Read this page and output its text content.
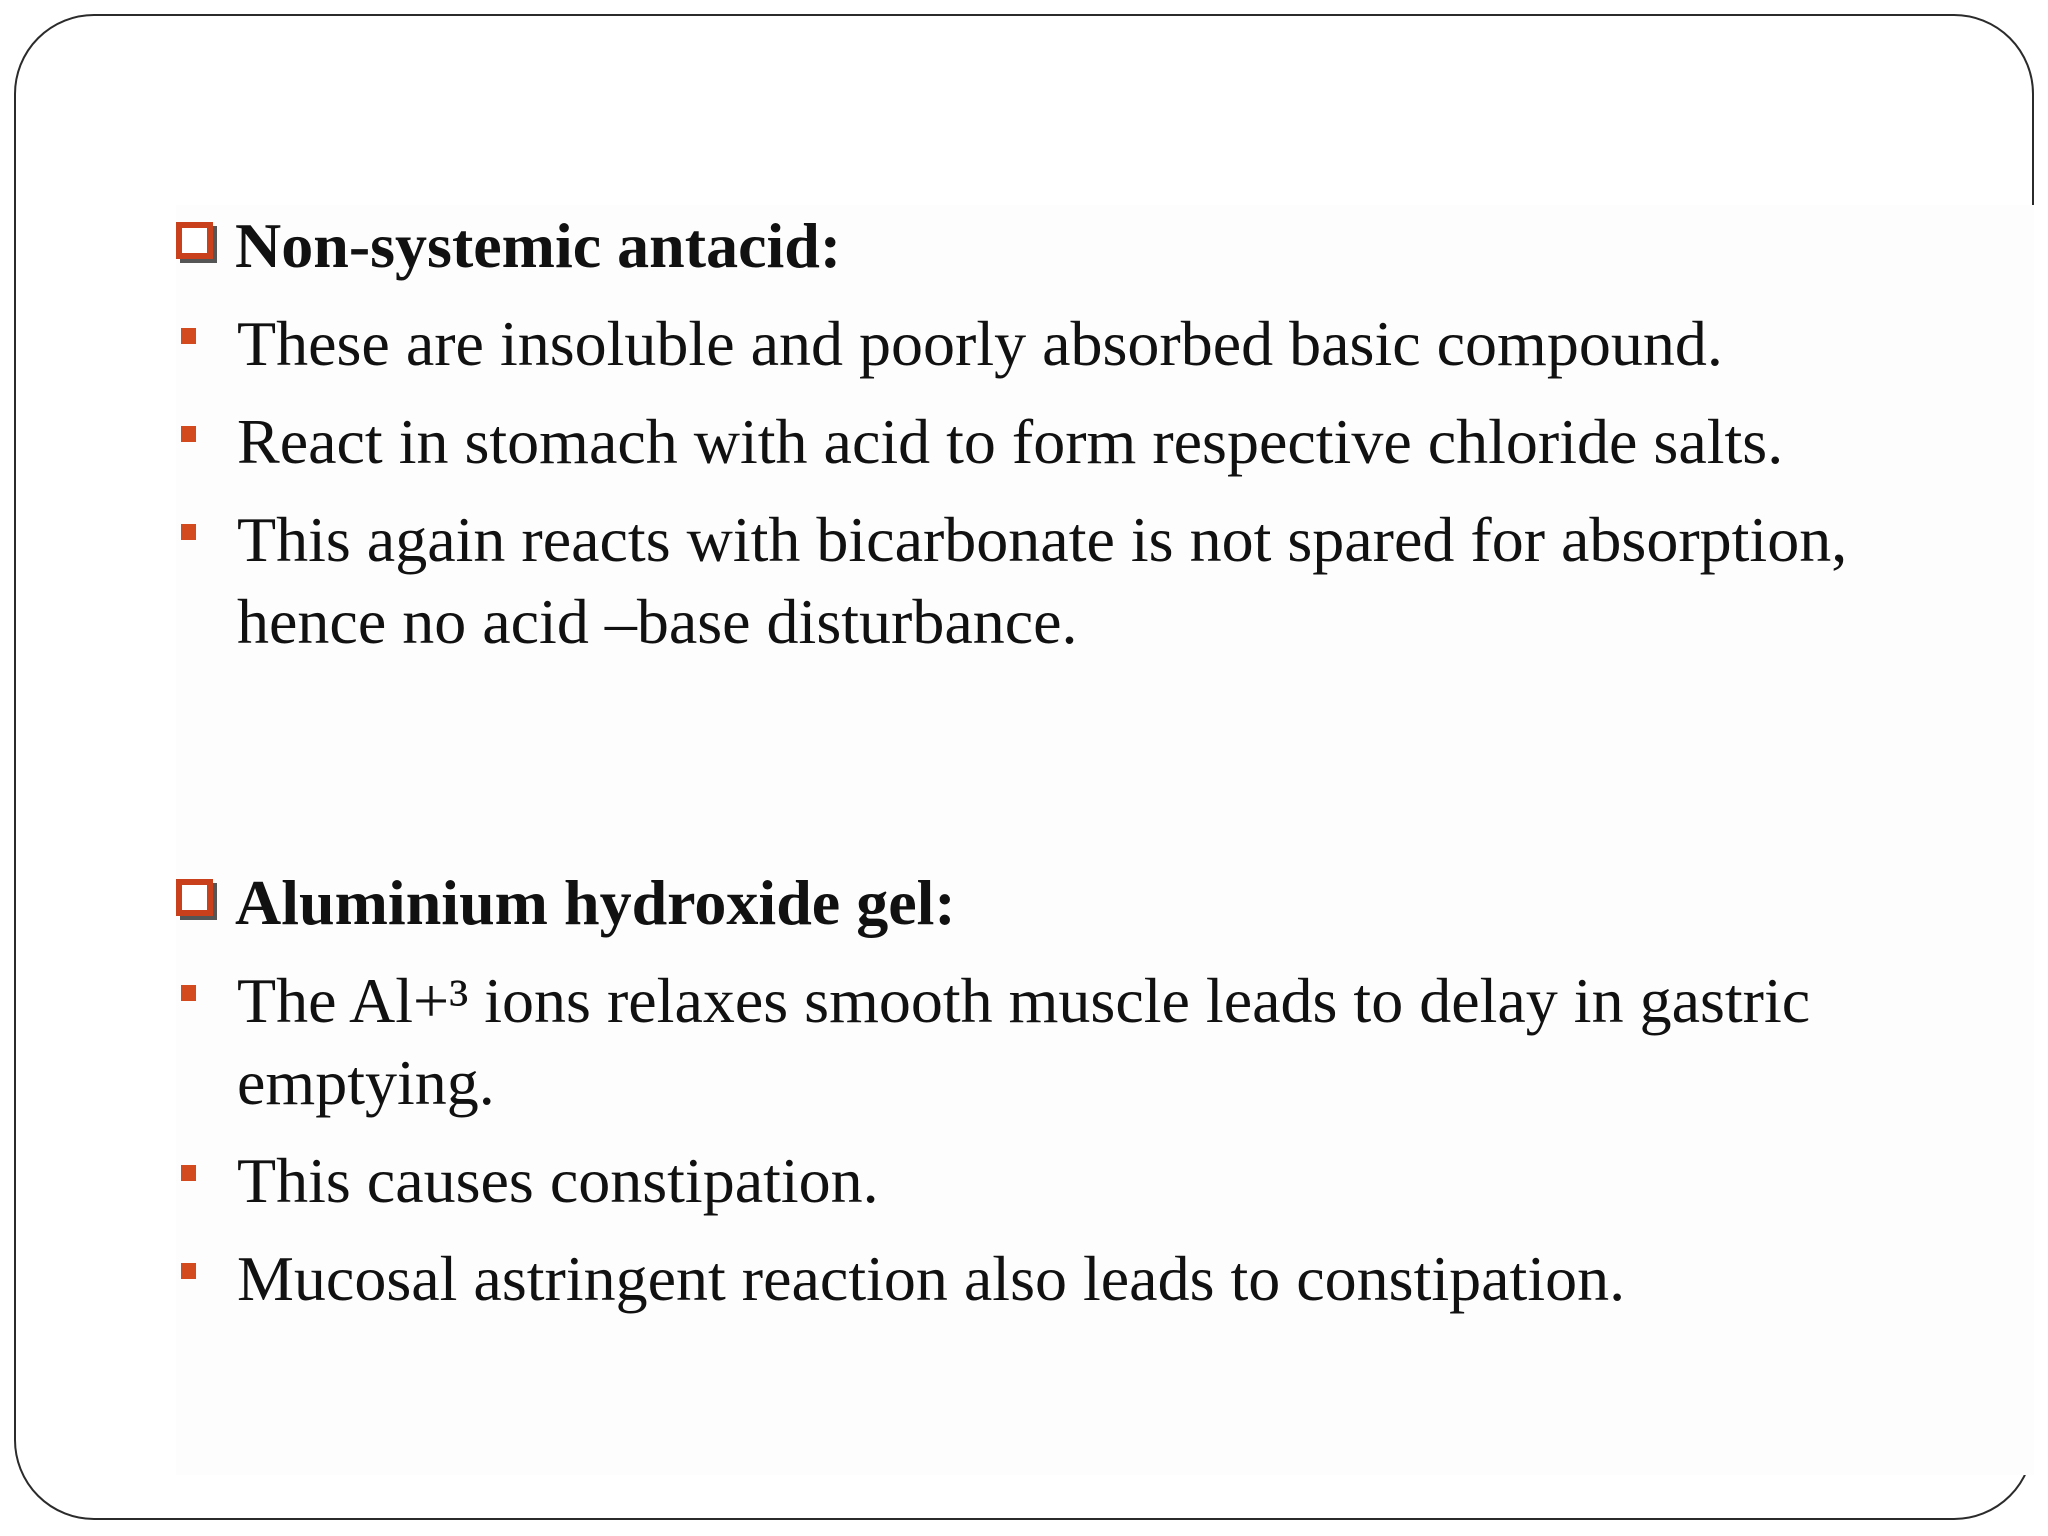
Non-systemic antacid:
These are insoluble and poorly absorbed basic compound.
React in stomach with acid to form respective chloride salts.
This again reacts with bicarbonate is not spared for absorption, hence no acid –base disturbance.
Aluminium hydroxide gel:
The Al+³ ions relaxes smooth muscle leads to delay in gastric emptying.
This causes constipation.
Mucosal astringent reaction also leads to constipation.
